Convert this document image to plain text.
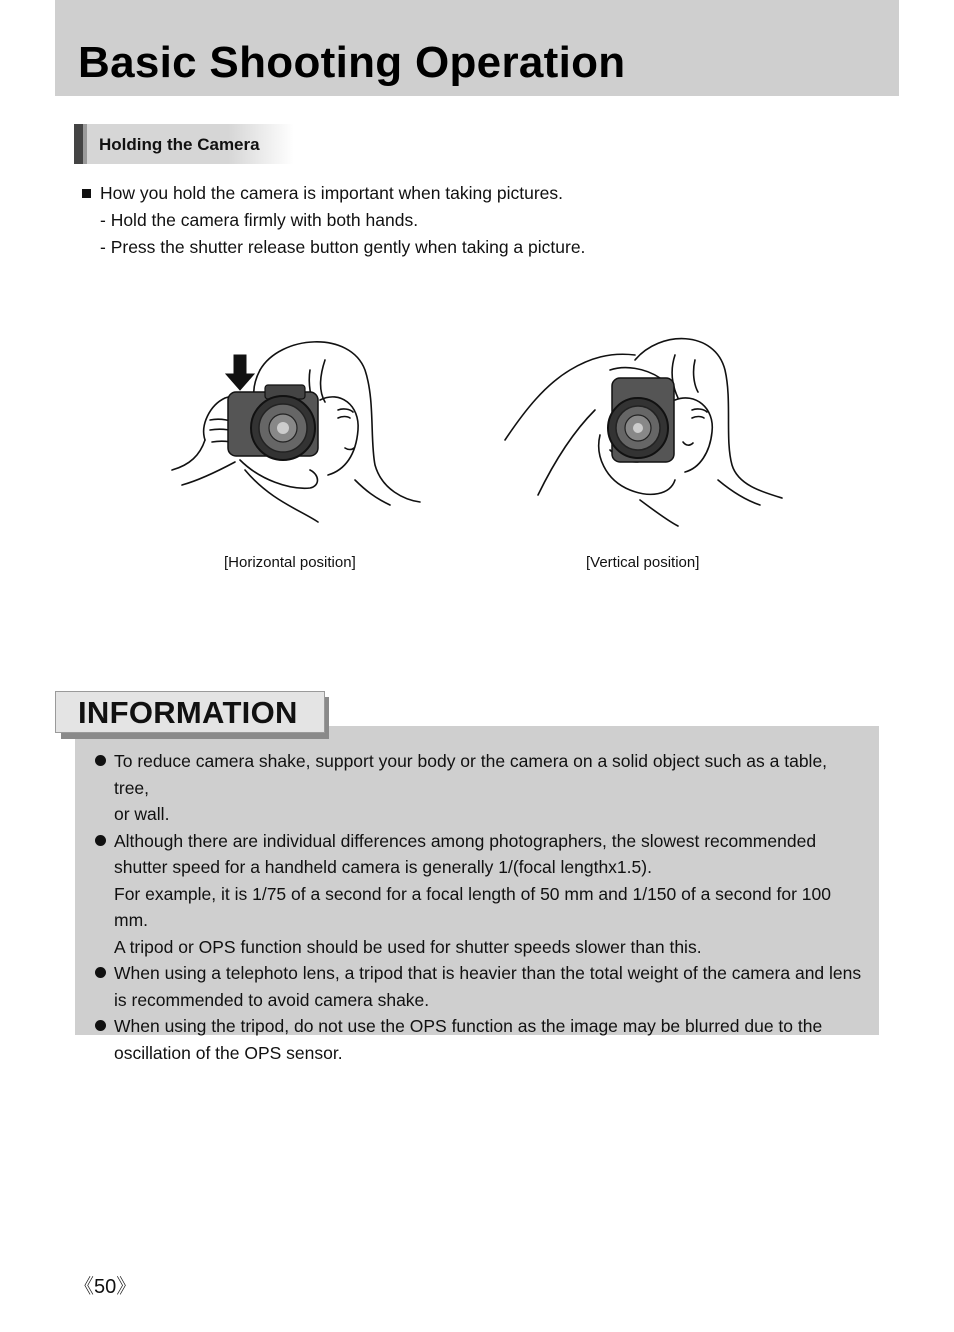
Basic Shooting Operation
Holding the Camera
How you hold the camera is important when taking pictures.
- Hold the camera firmly with both hands.
- Press the shutter release button gently when taking a picture.
[Horizontal position]	[Vertical position]
INFORMATION
To reduce camera shake, support your body or the camera on a solid object such as a table, tree,
or wall.
Although there are individual differences among photographers, the slowest recommended
shutter speed for a handheld camera is generally 1/(focal lengthx1.5).
For example, it is 1/75 of a second for a focal length of 50 mm and 1/150 of a second for 100 mm.
A tripod or OPS function should be used for shutter speeds slower than this.
When using a telephoto lens, a tripod that is heavier than the total weight of the camera and lens
is recommended to avoid camera shake.
When using the tripod, do not use the OPS function as the image may be blurred due to the
oscillation of the OPS sensor.
《50》
